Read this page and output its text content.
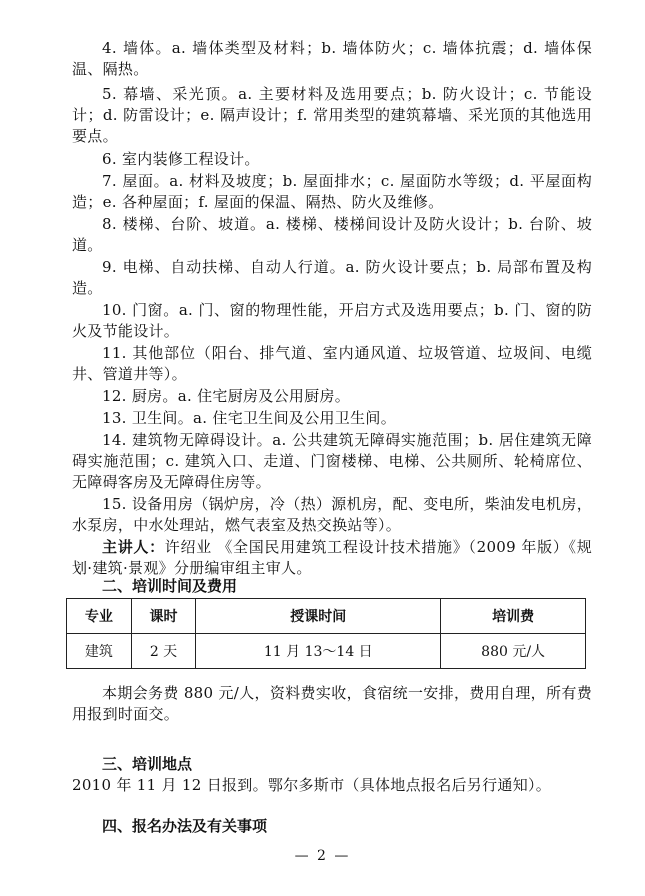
4. 墙体。a. 墙体类型及材料；b. 墙体防火；c. 墙体抗震；d. 墙体保温、隔热。

5. 幕墙、采光顶。a. 主要材料及选用要点；b. 防火设计；c. 节能设计；d. 防雷设计；e. 隔声设计；f. 常用类型的建筑幕墙、采光顶的其他选用要点。

6. 室内装修工程设计。

7. 屋面。a. 材料及坡度；b. 屋面排水；c. 屋面防水等级；d. 平屋面构造；e. 各种屋面；f. 屋面的保温、隔热、防火及维修。

8. 楼梯、台阶、坡道。a. 楼梯、楼梯间设计及防火设计；b. 台阶、坡道。

9. 电梯、自动扶梯、自动人行道。a. 防火设计要点；b. 局部布置及构造。

10. 门窗。a. 门、窗的物理性能，开启方式及选用要点；b. 门、窗的防火及节能设计。

11. 其他部位（阳台、排气道、室内通风道、垃圾管道、垃圾间、电缆井、管道井等）。

12. 厨房。a. 住宅厨房及公用厨房。

13. 卫生间。a. 住宅卫生间及公用卫生间。

14. 建筑物无障碍设计。a. 公共建筑无障碍实施范围；b. 居住建筑无障碍实施范围；c. 建筑入口、走道、门窗楼梯、电梯、公共厕所、轮椅席位、无障碍客房及无障碍住房等。

15. 设备用房（锅炉房，冷（热）源机房，配、变电所，柴油发电机房，水泵房，中水处理站，燃气表室及热交换站等）。

主讲人：许绍业 《全国民用建筑工程设计技术措施》（2009 年版）《规划·建筑·景观》分册编审组主审人。

二、培训时间及费用
专业	课时	授课时间	培训费
建筑	2 天	11 月 13～14 日	880 元/人

本期会务费 880 元/人，资料费实收，食宿统一安排，费用自理，所有费用报到时面交。

三、培训地点

2010 年 11 月 12 日报到。鄂尔多斯市（具体地点报名后另行通知）。

四、报名办法及有关事项
— 2 —
